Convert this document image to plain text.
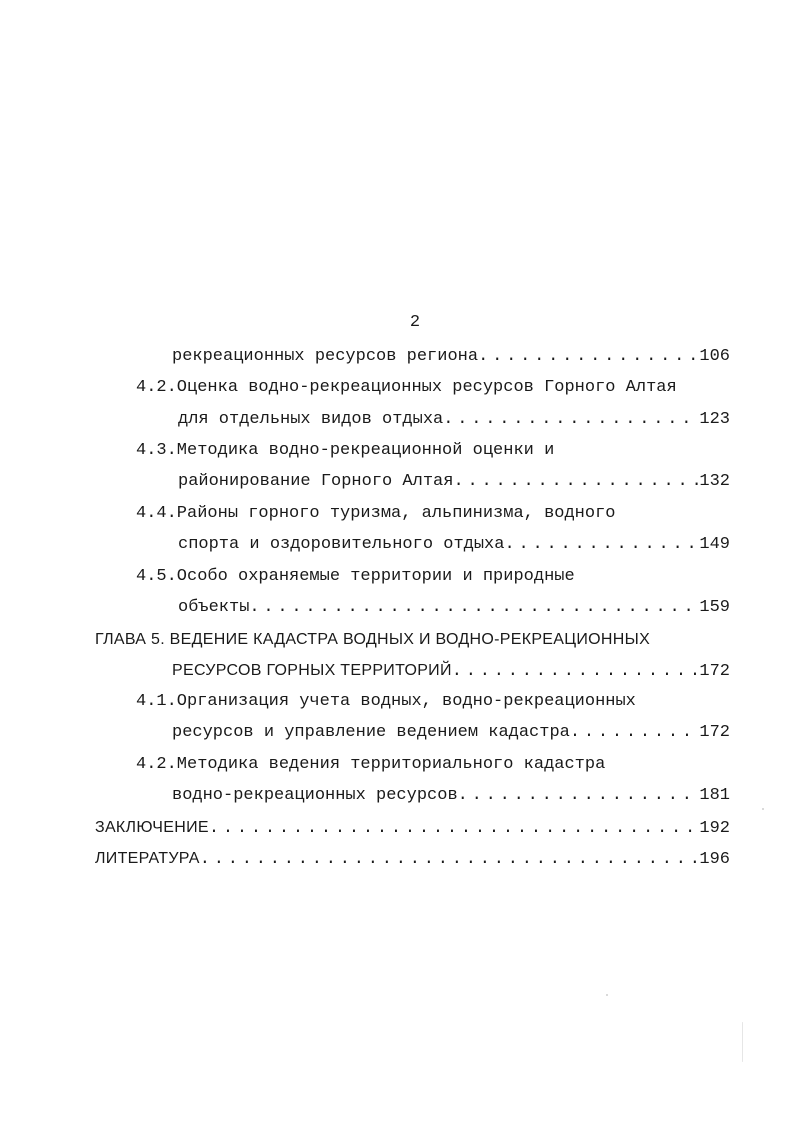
2
рекреационных ресурсов региона . . .	106
4.2.Оценка водно-рекреационных ресурсов Горного Алтая
для отдельных видов отдыха . . .	123
4.3.Методика водно-рекреационной оценки и
районирование Горного Алтая . . .	132
4.4.Районы горного туризма, альпинизма, водного
спорта и оздоровительного отдыха . . .	149
4.5.Особо охраняемые территории и природные
объекты . . .	159
ГЛАВА 5. ВЕДЕНИЕ КАДАСТРА ВОДНЫХ И ВОДНО-РЕКРЕАЦИОННЫХ
РЕСУРСОВ ГОРНЫХ ТЕРРИТОРИЙ . . .	172
4.1.Организация учета водных, водно-рекреационных
ресурсов и управление ведением кадастра . . .	172
4.2.Методика ведения территориального кадастра
водно-рекреационных ресурсов . . .	181
ЗАКЛЮЧЕНИЕ . . .	192
ЛИТЕРАТУРА . . .	196
